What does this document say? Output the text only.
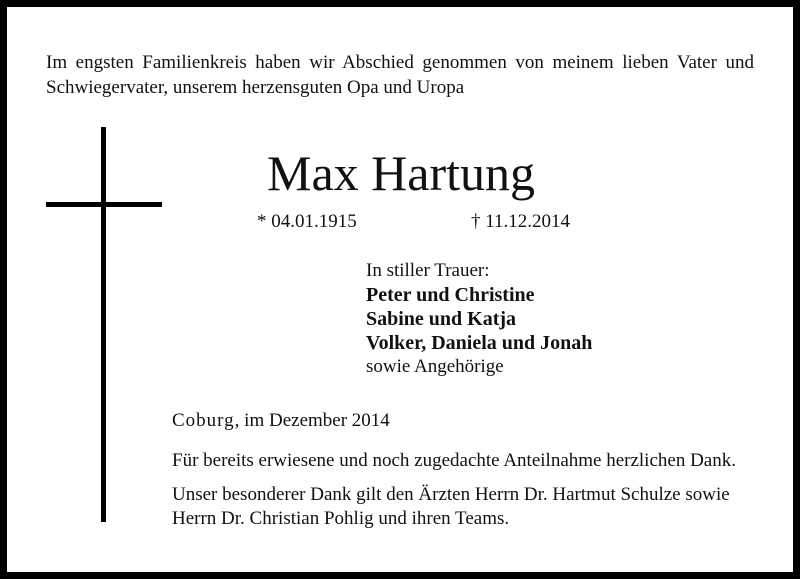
Im engsten Familienkreis haben wir Abschied genommen von meinem lieben Vater und Schwiegervater, unserem herzensguten Opa und Uropa
Max Hartung
* 04.01.1915	† 11.12.2014
In stiller Trauer:
Peter und Christine
Sabine und Katja
Volker, Daniela und Jonah
sowie Angehörige
Coburg, im Dezember 2014
Für bereits erwiesene und noch zugedachte Anteilnahme herzlichen Dank.
Unser besonderer Dank gilt den Ärzten Herrn Dr. Hartmut Schulze sowie Herrn Dr. Christian Pohlig und ihren Teams.
